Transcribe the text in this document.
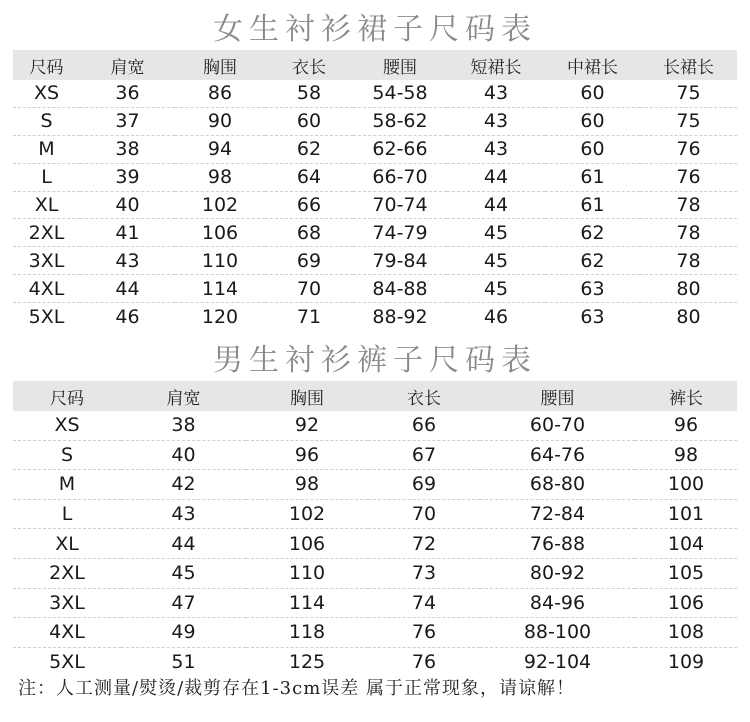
女生衬衫裙子尺码表
尺码	肩宽	胸围	衣长	腰围	短裙长	中裙长	长裙长
XS	36	86	58	54-58	43	60	75
S	37	90	60	58-62	43	60	75
M	38	94	62	62-66	43	60	76
L	39	98	64	66-70	44	61	76
XL	40	102	66	70-74	44	61	78
2XL	41	106	68	74-79	45	62	78
3XL	43	110	69	79-84	45	62	78
4XL	44	114	70	84-88	45	63	80
5XL	46	120	71	88-92	46	63	80
男生衬衫裤子尺码表
尺码	肩宽	胸围	衣长	腰围	裤长
XS	38	92	66	60-70	96
S	40	96	67	64-76	98
M	42	98	69	68-80	100
L	43	102	70	72-84	101
XL	44	106	72	76-88	104
2XL	45	110	73	80-92	105
3XL	47	114	74	84-96	106
4XL	49	118	76	88-100	108
5XL	51	125	76	92-104	109
注：人工测量/熨烫/裁剪存在1-3cm误差 属于正常现象，请谅解！
